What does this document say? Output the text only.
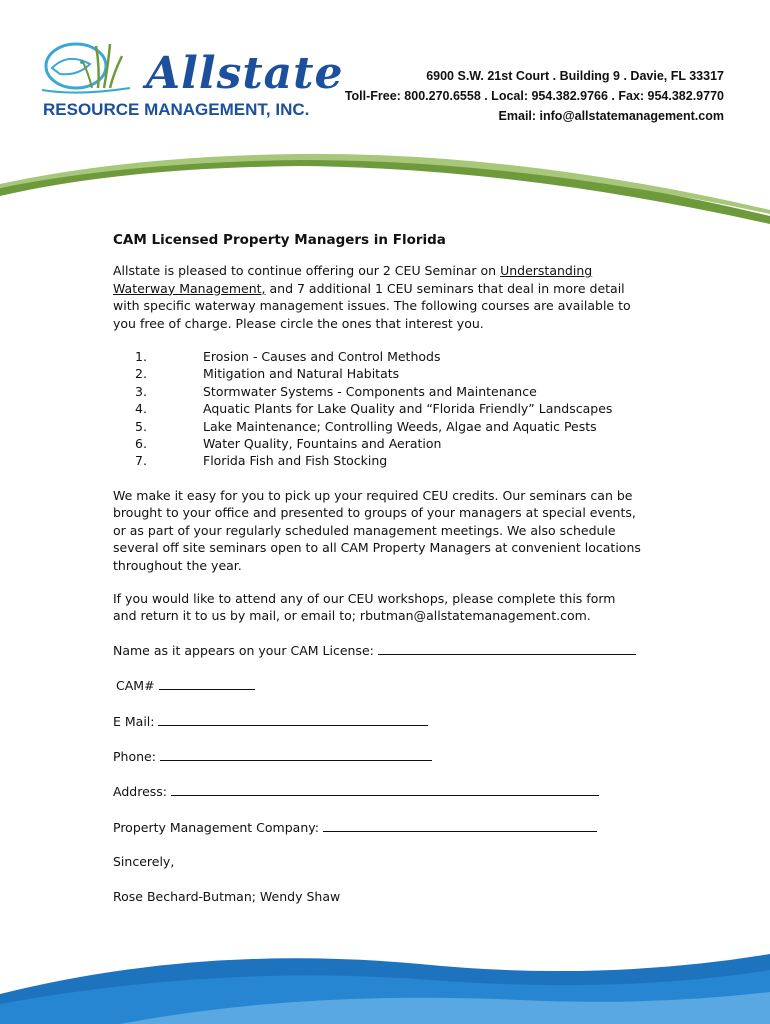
Allstate
RESOURCE MANAGEMENT, INC.
6900 S.W. 21st Court . Building 9 . Davie, FL 33317
Toll-Free: 800.270.6558 . Local: 954.382.9766 . Fax: 954.382.9770
Email: info@allstatemanagement.com
CAM Licensed Property Managers in Florida

Allstate is pleased to continue offering our 2 CEU Seminar on Understanding Waterway Management, and 7 additional 1 CEU seminars that deal in more detail with specific waterway management issues. The following courses are available to you free of charge. Please circle the ones that interest you.

1.	Erosion - Causes and Control Methods
2.	Mitigation and Natural Habitats
3.	Stormwater Systems - Components and Maintenance
4.	Aquatic Plants for Lake Quality and “Florida Friendly” Landscapes
5.	Lake Maintenance; Controlling Weeds, Algae and Aquatic Pests
6.	Water Quality, Fountains and Aeration
7.	Florida Fish and Fish Stocking

We make it easy for you to pick up your required CEU credits. Our seminars can be brought to your office and presented to groups of your managers at special events, or as part of your regularly scheduled management meetings. We also schedule several off site seminars open to all CAM Property Managers at convenient locations throughout the year.

If you would like to attend any of our CEU workshops, please complete this form and return it to us by mail, or email to; rbutman@allstatemanagement.com.

Name as it appears on your CAM License:
CAM#
E Mail:
Phone:
Address:
Property Management Company:
Sincerely,
Rose Bechard-Butman; Wendy Shaw
